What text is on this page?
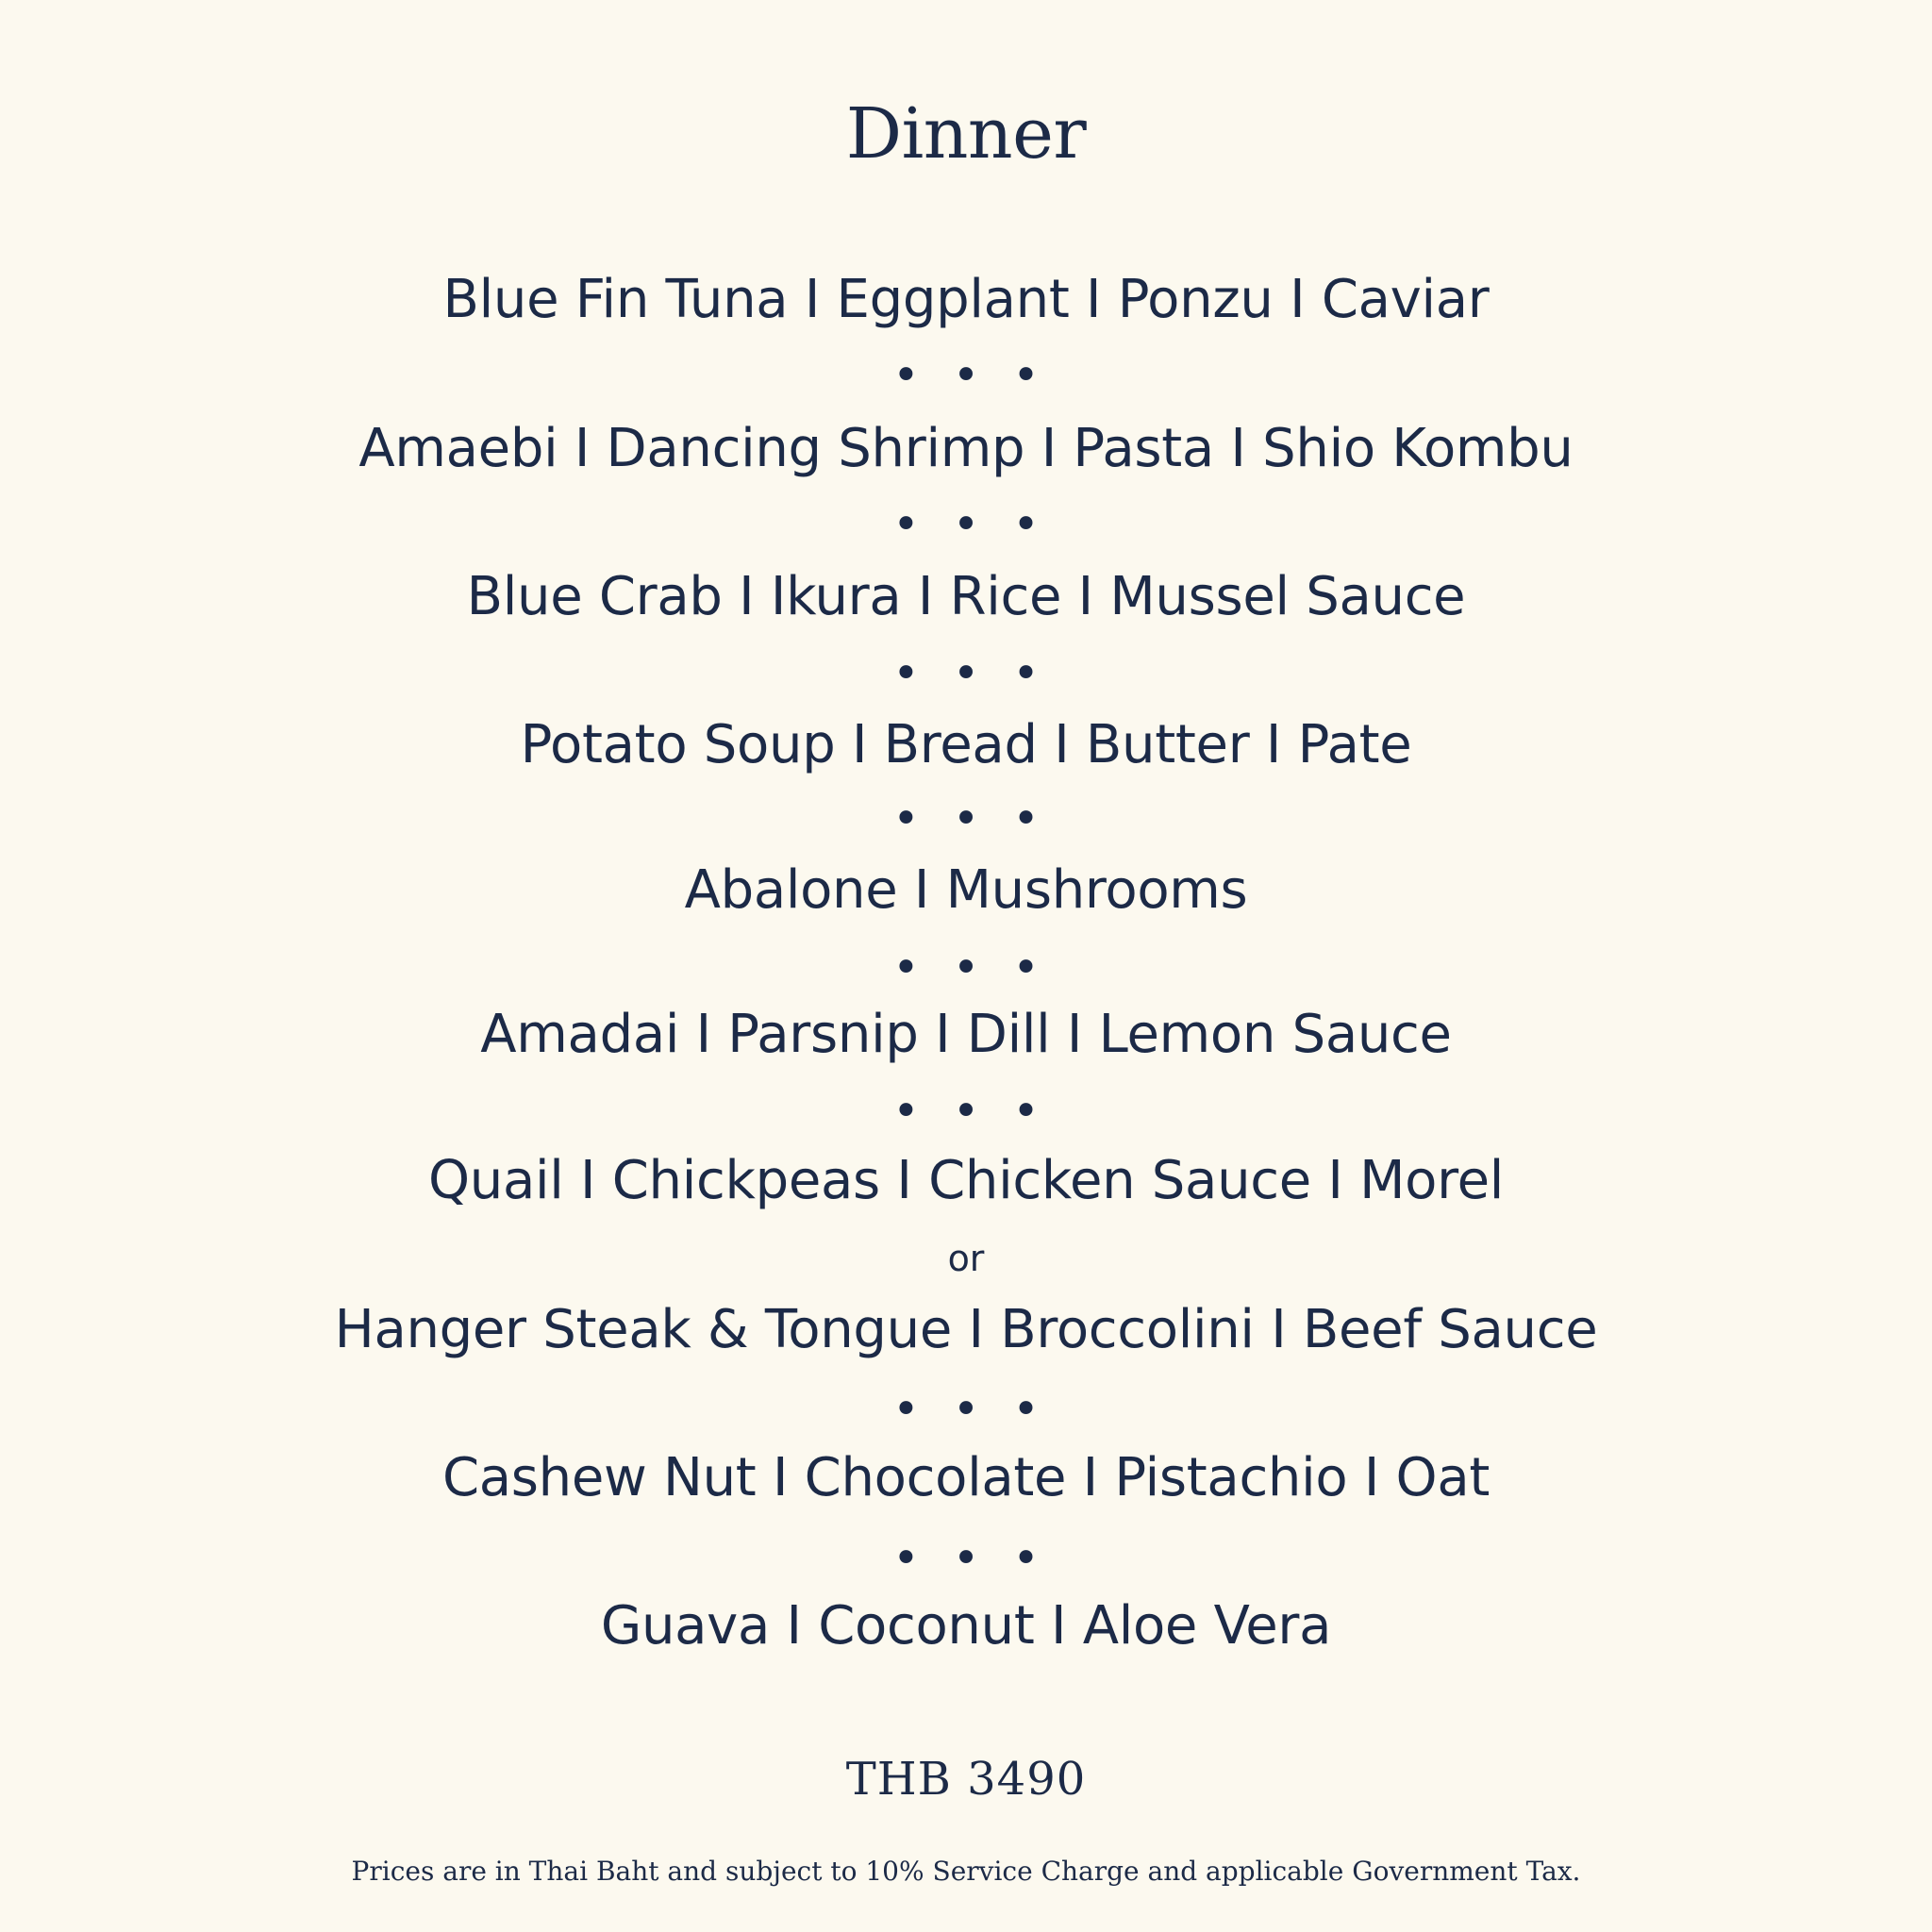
Dinner
Blue Fin Tuna I Eggplant I Ponzu I Caviar
• • •
Amaebi I Dancing Shrimp I Pasta I Shio Kombu
• • •
Blue Crab I Ikura I Rice I Mussel Sauce
• • •
Potato Soup I Bread I Butter I Pate
• • •
Abalone I Mushrooms
• • •
Amadai I Parsnip I Dill I Lemon Sauce
• • •
Quail I Chickpeas I Chicken Sauce I Morel
or
Hanger Steak & Tongue I Broccolini I Beef Sauce
• • •
Cashew Nut I Chocolate I Pistachio I Oat
• • •
Guava I Coconut I Aloe Vera
THB 3490
Prices are in Thai Baht and subject to 10% Service Charge and applicable Government Tax.
